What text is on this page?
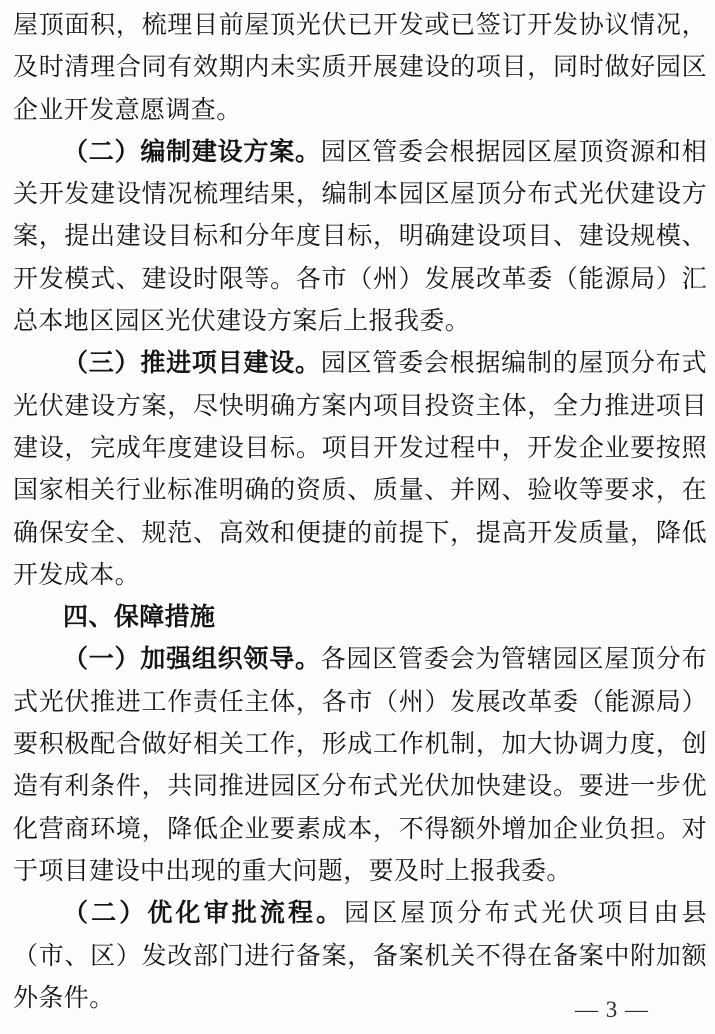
屋顶面积，梳理目前屋顶光伏已开发或已签订开发协议情况，及时清理合同有效期内未实质开展建设的项目，同时做好园区企业开发意愿调查。

（二）编制建设方案。园区管委会根据园区屋顶资源和相关开发建设情况梳理结果，编制本园区屋顶分布式光伏建设方案，提出建设目标和分年度目标，明确建设项目、建设规模、开发模式、建设时限等。各市（州）发展改革委（能源局）汇总本地区园区光伏建设方案后上报我委。

（三）推进项目建设。园区管委会根据编制的屋顶分布式光伏建设方案，尽快明确方案内项目投资主体，全力推进项目建设，完成年度建设目标。项目开发过程中，开发企业要按照国家相关行业标准明确的资质、质量、并网、验收等要求，在确保安全、规范、高效和便捷的前提下，提高开发质量，降低开发成本。

四、保障措施

（一）加强组织领导。各园区管委会为管辖园区屋顶分布式光伏推进工作责任主体，各市（州）发展改革委（能源局）要积极配合做好相关工作，形成工作机制，加大协调力度，创造有利条件，共同推进园区分布式光伏加快建设。要进一步优化营商环境，降低企业要素成本，不得额外增加企业负担。对于项目建设中出现的重大问题，要及时上报我委。

（二）优化审批流程。园区屋顶分布式光伏项目由县（市、区）发改部门进行备案，备案机关不得在备案中附加额外条件。	— 3 —
